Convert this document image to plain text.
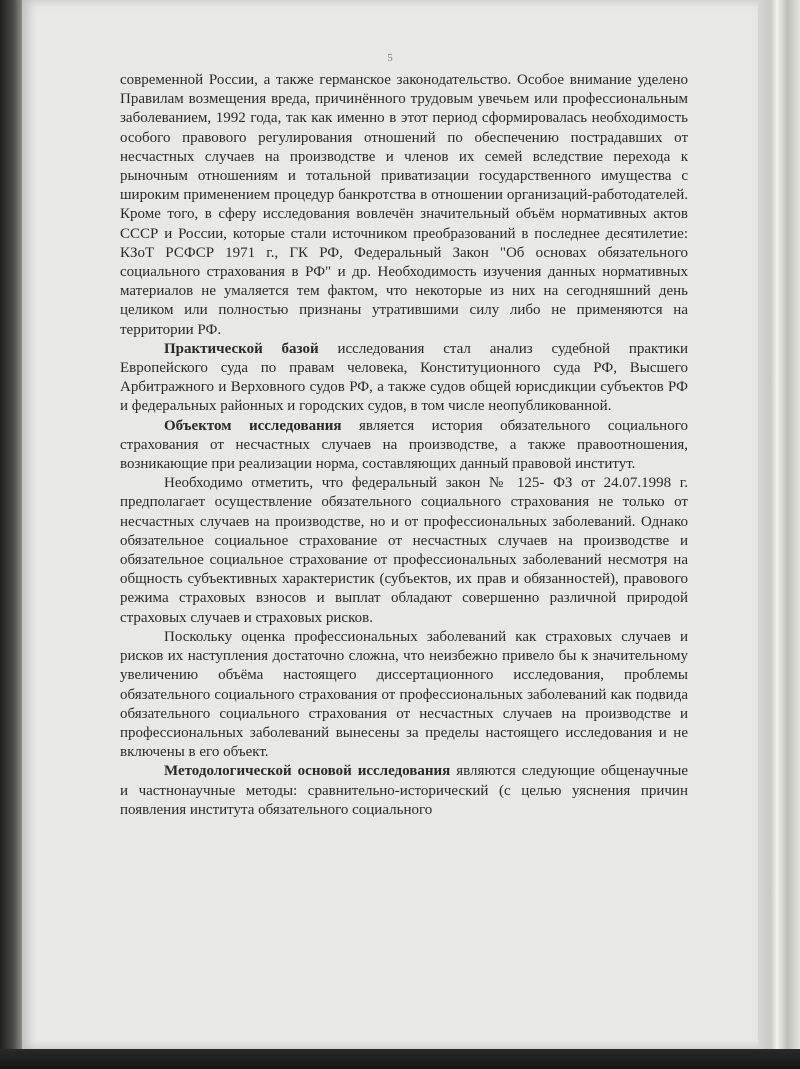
5

современной России, а также германское законодательство. Особое внимание уделено Правилам возмещения вреда, причинённого трудовым увечьем или профессиональным заболеванием, 1992 года, так как именно в этот период сформировалась необходимость особого правового регулирования отношений по обеспечению пострадавших от несчастных случаев на производстве и членов их семей вследствие перехода к рыночным отношениям и тотальной приватизации государственного имущества с широким применением процедур банкротства в отношении организаций-работодателей. Кроме того, в сферу исследования вовлечён значительный объём нормативных актов СССР и России, которые стали источником преобразований в последнее десятилетие: КЗоТ РСФСР 1971 г., ГК РФ, Федеральный Закон "Об основах обязательного социального страхования в РФ" и др. Необходимость изучения данных нормативных материалов не умаляется тем фактом, что некоторые из них на сегодняшний день целиком или полностью признаны утратившими силу либо не применяются на территории РФ.

Практической базой исследования стал анализ судебной практики Европейского суда по правам человека, Конституционного суда РФ, Высшего Арбитражного и Верховного судов РФ, а также судов общей юрисдикции субъектов РФ и федеральных районных и городских судов, в том числе неопубликованной.

Объектом исследования является история обязательного социального страхования от несчастных случаев на производстве, а также правоотношения, возникающие при реализации норма, составляющих данный правовой институт.

Необходимо отметить, что федеральный закон № 125- ФЗ от 24.07.1998 г. предполагает осуществление обязательного социального страхования не только от несчастных случаев на производстве, но и от профессиональных заболеваний. Однако обязательное социальное страхование от несчастных случаев на производстве и обязательное социальное страхование от профессиональных заболеваний несмотря на общность субъективных характеристик (субъектов, их прав и обязанностей), правового режима страховых взносов и выплат обладают совершенно различной природой страховых случаев и страховых рисков.

Поскольку оценка профессиональных заболеваний как страховых случаев и рисков их наступления достаточно сложна, что неизбежно привело бы к значительному увеличению объёма настоящего диссертационного исследования, проблемы обязательного социального страхования от профессиональных заболеваний как подвида обязательного социального страхования от несчастных случаев на производстве и профессиональных заболеваний вынесены за пределы настоящего исследования и не включены в его объект.

Методологической основой исследования являются следующие общенаучные и частнонаучные методы: сравнительно-исторический (с целью уяснения причин появления института обязательного социального
